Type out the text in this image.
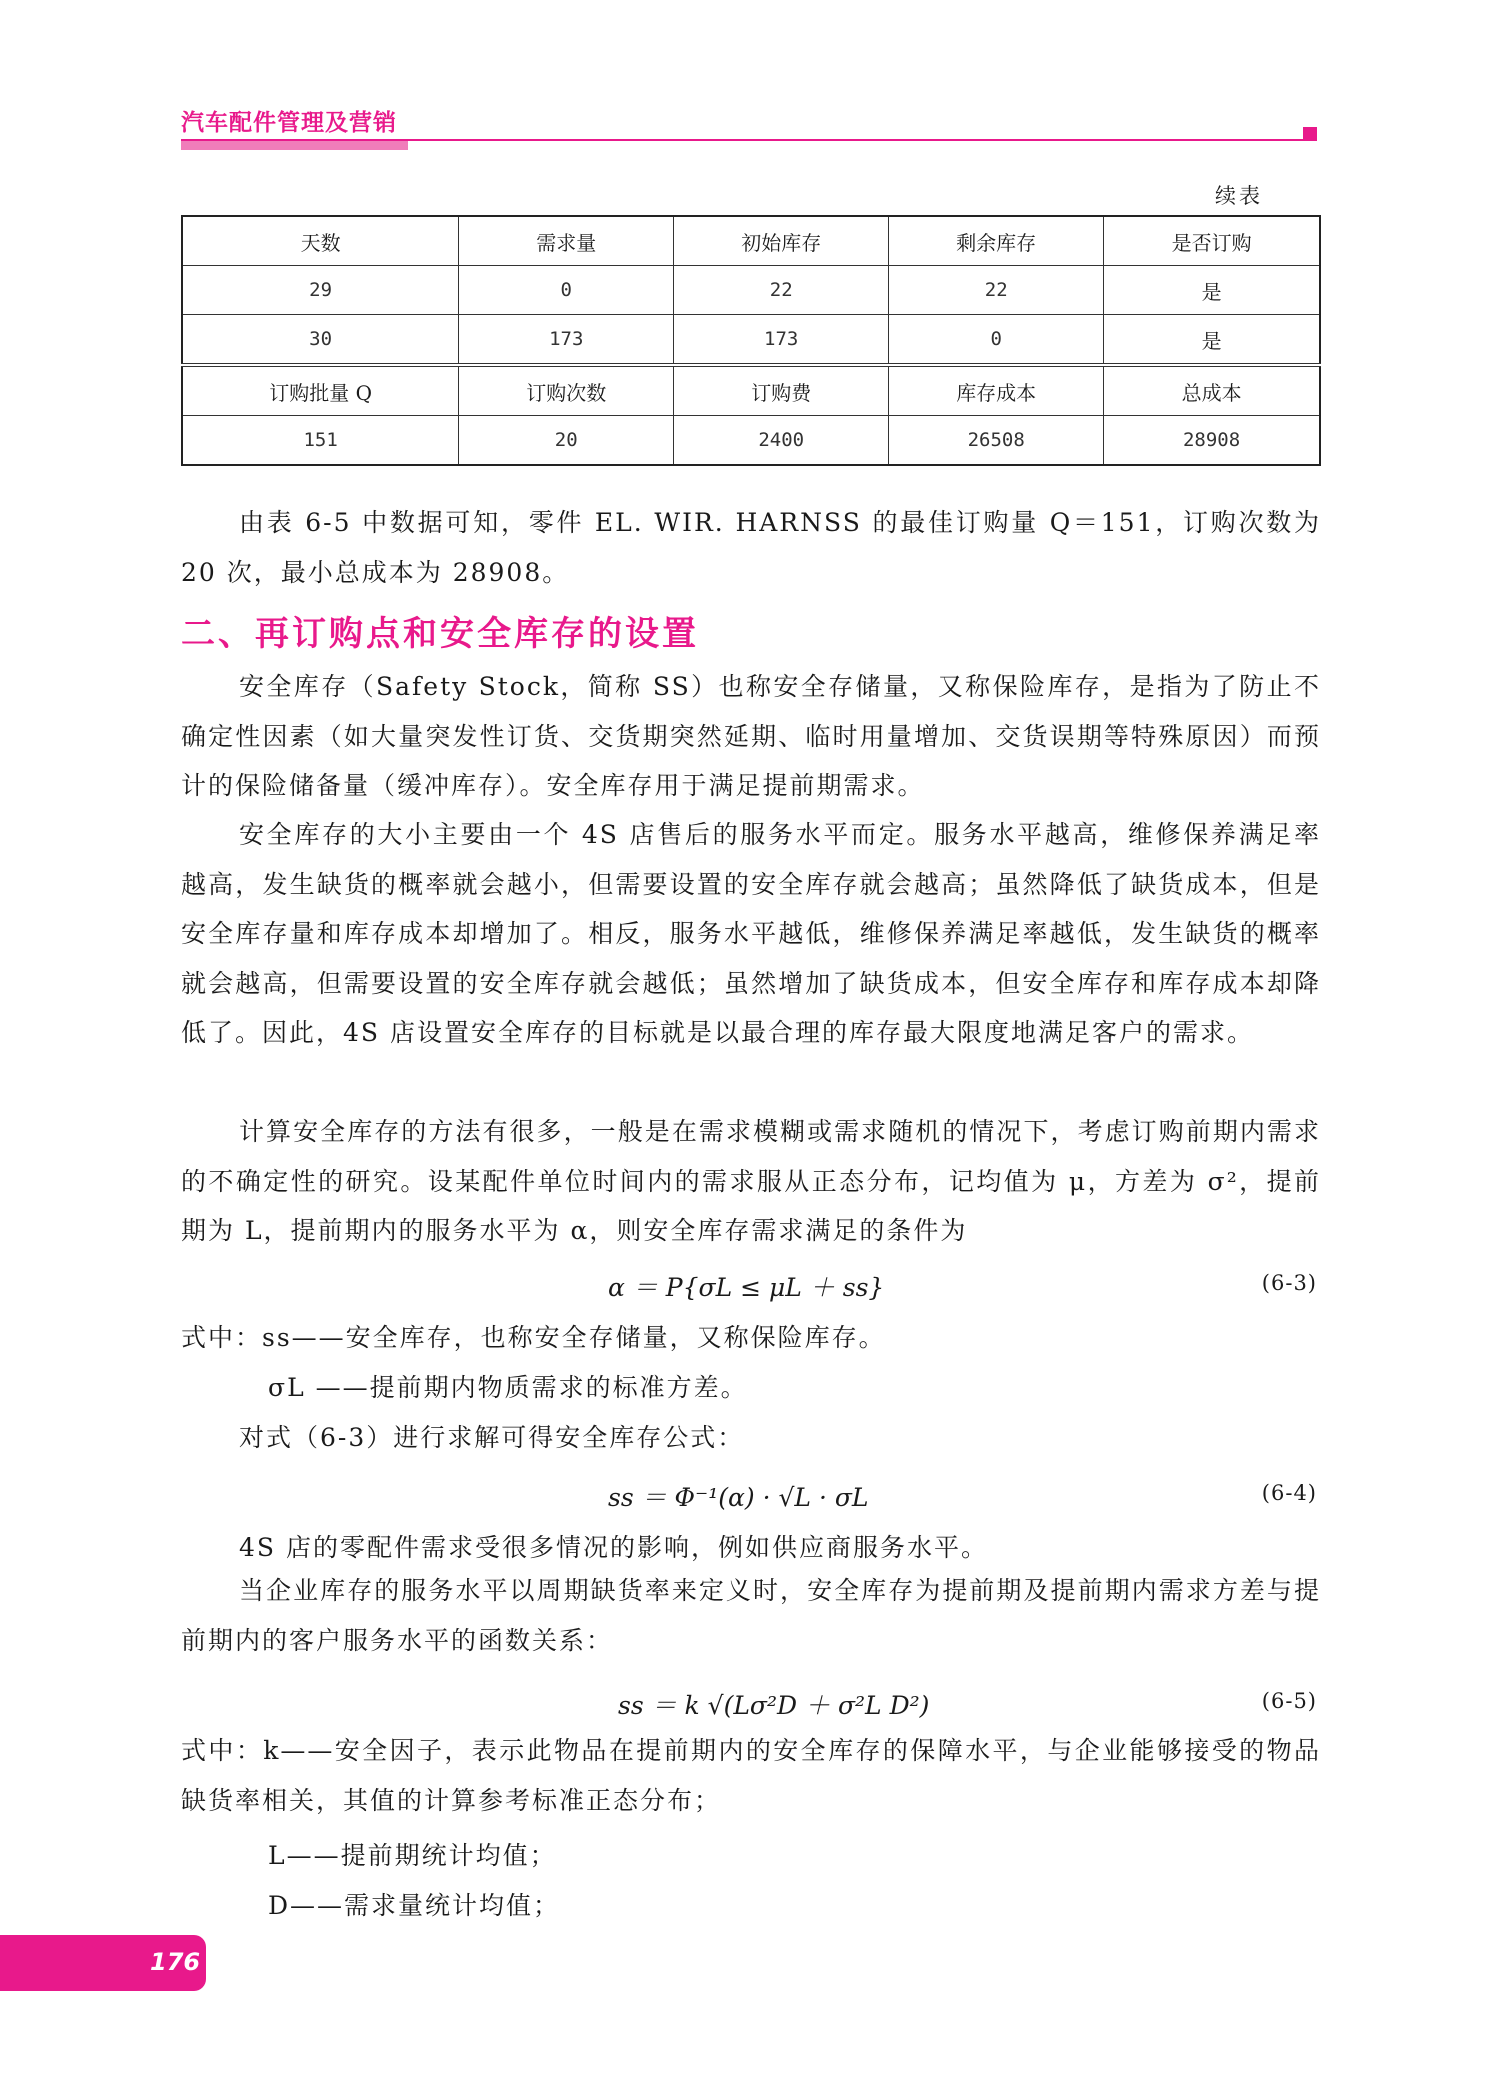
汽车配件管理及营销
续表
天数	需求量	初始库存	剩余库存	是否订购
29	0	22	22	是
30	173	173	0	是
订购批量 Q	订购次数	订购费	库存成本	总成本
151	20	2400	26508	28908

由表 6-5 中数据可知，零件 EL. WIR. HARNSS 的最佳订购量 Q＝151，订购次数为 20 次，最小总成本为 28908。

二、再订购点和安全库存的设置

安全库存（Safety Stock，简称 SS）也称安全存储量，又称保险库存，是指为了防止不确定性因素（如大量突发性订货、交货期突然延期、临时用量增加、交货误期等特殊原因）而预计的保险储备量（缓冲库存）。安全库存用于满足提前期需求。

安全库存的大小主要由一个 4S 店售后的服务水平而定。服务水平越高，维修保养满足率越高，发生缺货的概率就会越小，但需要设置的安全库存就会越高；虽然降低了缺货成本，但是安全库存量和库存成本却增加了。相反，服务水平越低，维修保养满足率越低，发生缺货的概率就会越高，但需要设置的安全库存就会越低；虽然增加了缺货成本，但安全库存和库存成本却降低了。因此，4S 店设置安全库存的目标就是以最合理的库存最大限度地满足客户的需求。

计算安全库存的方法有很多，一般是在需求模糊或需求随机的情况下，考虑订购前期内需求的不确定性的研究。设某配件单位时间内的需求服从正态分布，记均值为 μ，方差为 σ²，提前期为 L，提前期内的服务水平为 α，则安全库存需求满足的条件为

α ＝ P{σL ≤ μL ＋ ss}	(6-3)
式中：ss——安全库存，也称安全存储量，又称保险库存。
σL ——提前期内物质需求的标准方差。
对式（6-3）进行求解可得安全库存公式：
ss ＝ Φ⁻¹(α) · √L · σL	(6-4)
4S 店的零配件需求受很多情况的影响，例如供应商服务水平。

当企业库存的服务水平以周期缺货率来定义时，安全库存为提前期及提前期内需求方差与提前期内的客户服务水平的函数关系：

ss ＝ k √(Lσ²D ＋ σ²L D²)	(6-5)

式中：k——安全因子，表示此物品在提前期内的安全库存的保障水平，与企业能够接受的物品缺货率相关，其值的计算参考标准正态分布；

L——提前期统计均值；
D——需求量统计均值；
176
